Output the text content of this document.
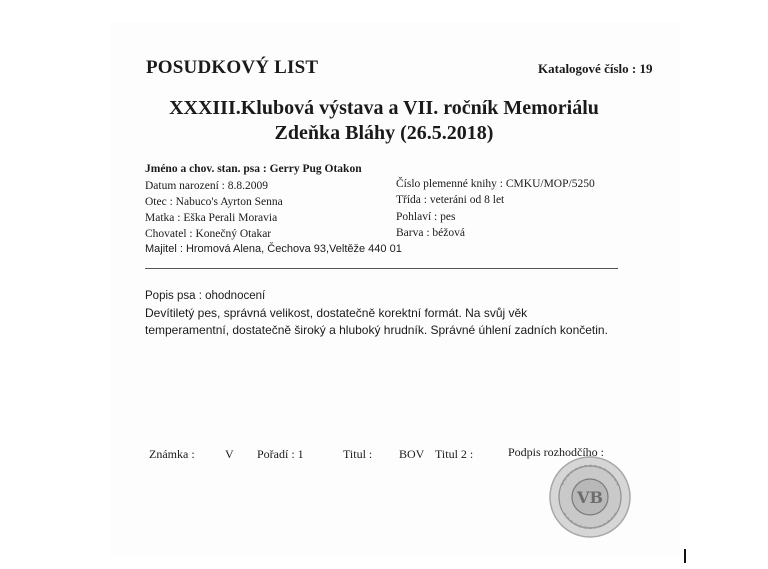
POSUDKOVÝ LIST	Katalogové číslo : 19
XXXIII.Klubová výstava a VII. ročník Memoriálu
Zdeňka Bláhy (26.5.2018)
Jméno a chov. stan. psa : Gerry Pug Otakon
Datum narození : 8.8.2009
Otec : Nabuco's Ayrton Senna
Matka : Eška Perali Moravia
Chovatel : Konečný Otakar
Majitel : Hromová Alena, Čechova 93,Veltěže 440 01
Číslo plemenné knihy : CMKU/MOP/5250
Třída : veteráni od 8 let
Pohlaví : pes
Barva : béžová
Popis psa : ohodnocení
Devítiletý pes, správná velikost, dostatečně korektní formát. Na svůj věk
temperamentní, dostatečně široký a hluboký hrudník. Správné úhlení zadních končetin.
Známka :	V Pořadí : 1	Titul : BOV Titul 2 :	Podpis rozhodčího :
VB
